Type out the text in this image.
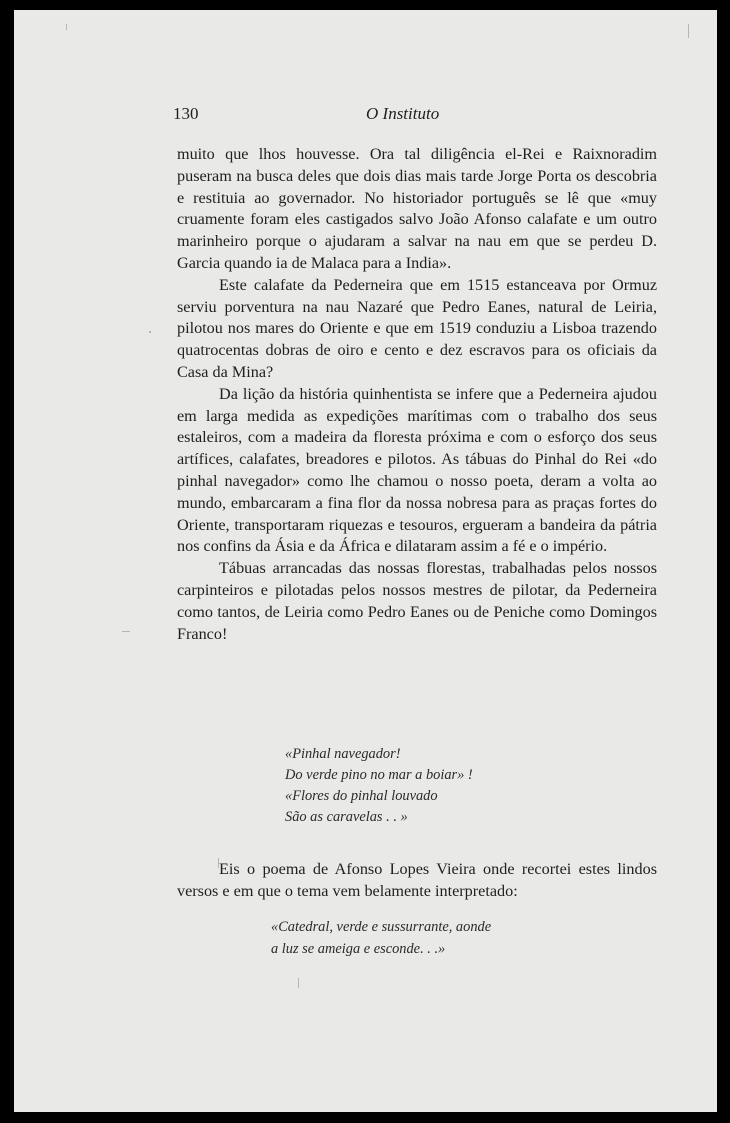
130	O Instituto

muito que lhos houvesse. Ora tal diligência el-Rei e Raixnoradim puseram na busca deles que dois dias mais tarde Jorge Porta os descobria e restituia ao governador. No historiador português se lê que «muy cruamente foram eles castigados salvo João Afonso calafate e um outro marinheiro porque o ajudaram a salvar na nau em que se perdeu D. Garcia quando ia de Malaca para a India».

Este calafate da Pederneira que em 1515 estanceava por Ormuz serviu porventura na nau Nazaré que Pedro Eanes, natural de Leiria, pilotou nos mares do Oriente e que em 1519 conduziu a Lisboa trazendo quatrocentas dobras de oiro e cento e dez escravos para os oficiais da Casa da Mina?

Da lição da história quinhentista se infere que a Pederneira ajudou em larga medida as expedições marítimas com o trabalho dos seus estaleiros, com a madeira da floresta próxima e com o esforço dos seus artífices, calafates, breadores e pilotos. As tábuas do Pinhal do Rei «do pinhal navegador» como lhe chamou o nosso poeta, deram a volta ao mundo, embarcaram a fina flor da nossa nobresa para as praças fortes do Oriente, transportaram riquezas e tesouros, ergueram a bandeira da pátria nos confins da Ásia e da África e dilataram assim a fé e o império.

Tábuas arrancadas das nossas florestas, trabalhadas pelos nossos carpinteiros e pilotadas pelos nossos mestres de pilotar, da Pederneira como tantos, de Leiria como Pedro Eanes ou de Peniche como Domingos Franco!

«Pinhal navegador!
Do verde pino no mar a boiar» !
«Flores do pinhal louvado
São as caravelas . . »

Eis o poema de Afonso Lopes Vieira onde recortei estes lindos versos e em que o tema vem belamente interpretado:

«Catedral, verde e sussurrante, aonde
a luz se ameiga e esconde. . .»
